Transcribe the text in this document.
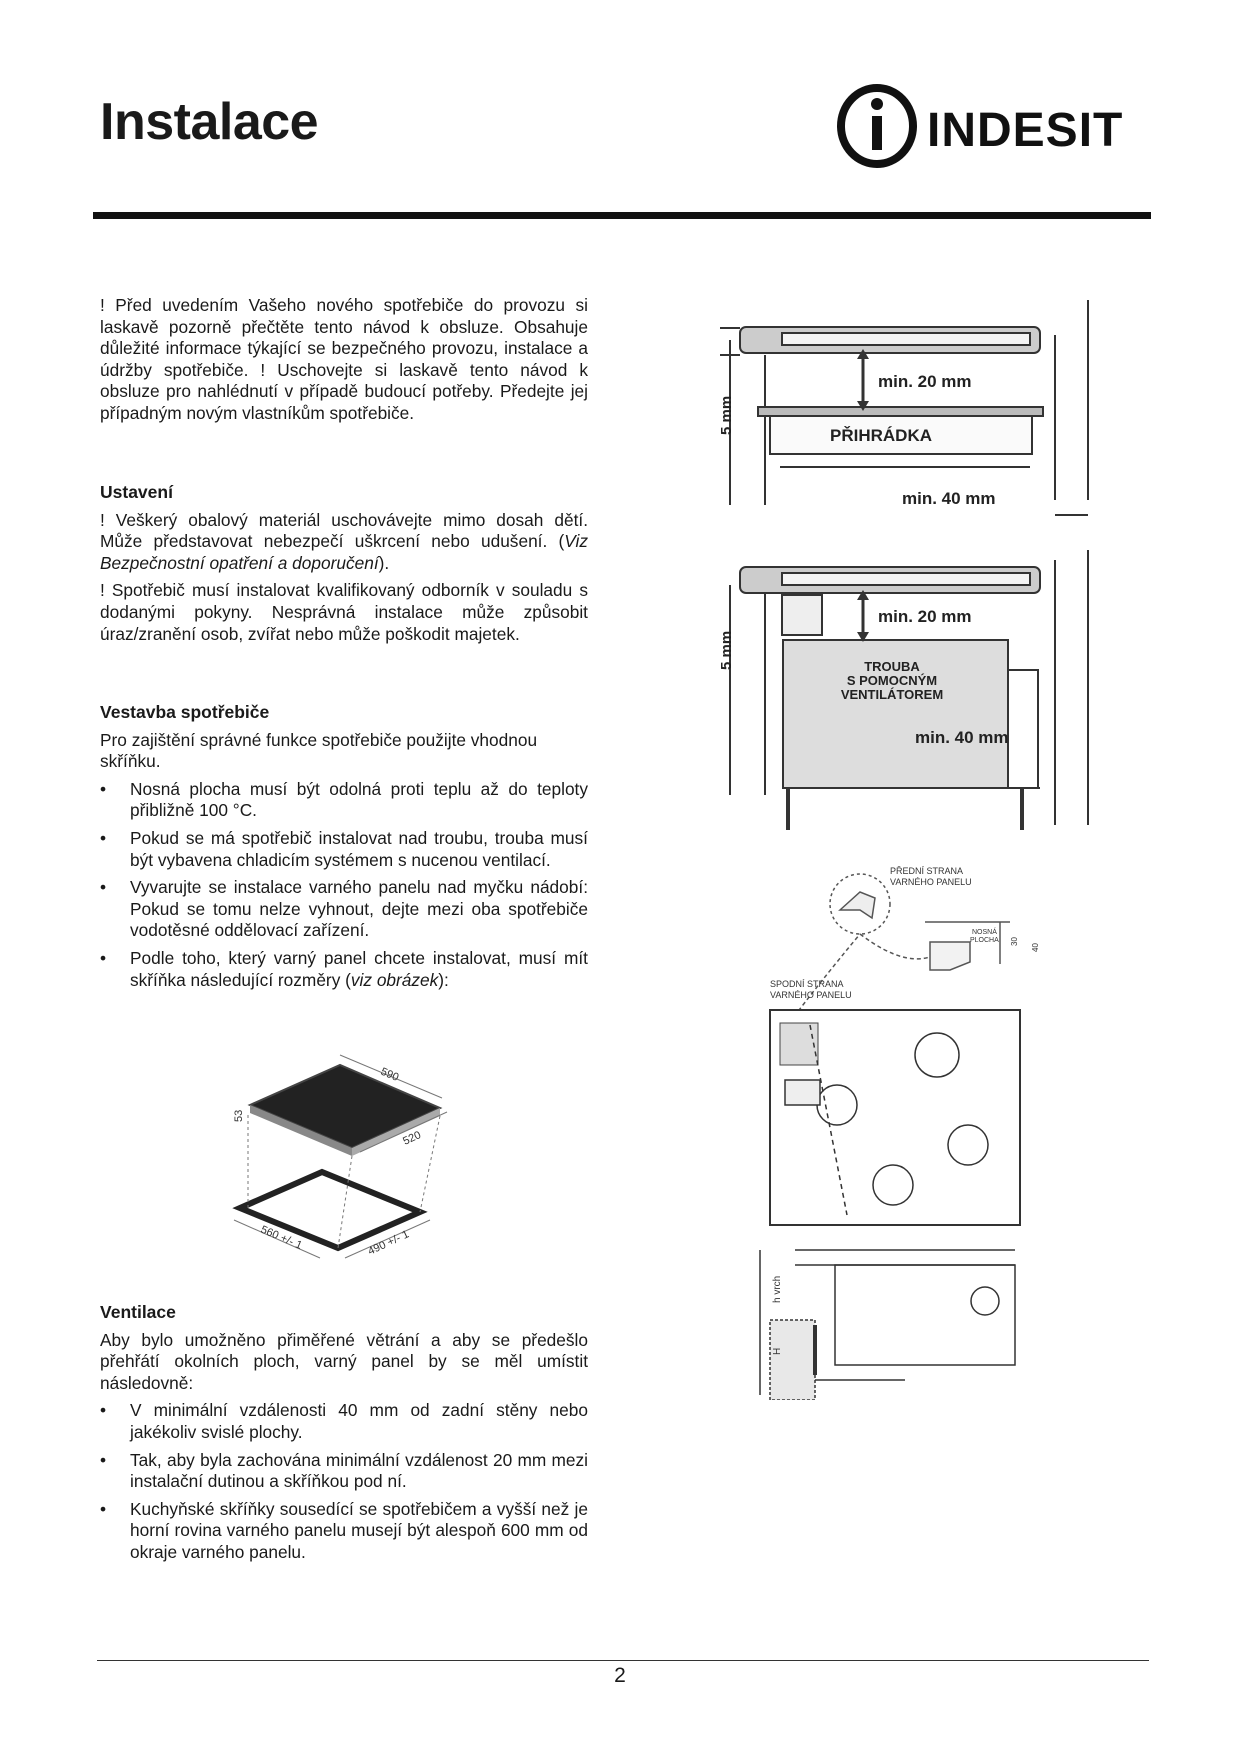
Instalace	INDESIT

! Před uvedením Vašeho nového spotřebiče do provozu si laskavě pozorně přečtěte tento návod k obsluze. Obsahuje důležité informace týkající se bezpečného provozu, instalace a údržby spotřebiče. ! Uschovejte si laskavě tento návod k obsluze pro nahlédnutí v případě budoucí potřeby. Předejte jej případným novým vlastníkům spotřebiče.

Ustavení

! Veškerý obalový materiál uschovávejte mimo dosah dětí. Může představovat nebezpečí uškrcení nebo udušení. (Viz Bezpečnostní opatření a doporučení).

! Spotřebič musí instalovat kvalifikovaný odborník v souladu s dodanými pokyny. Nesprávná instalace může způsobit úraz/zranění osob, zvířat nebo může poškodit majetek.

Vestavba spotřebiče

Pro zajištění správné funkce spotřebiče použijte vhodnou skříňku.

• Nosná plocha musí být odolná proti teplu až do teploty přibližně 100 °C.
• Pokud se má spotřebič instalovat nad troubu, trouba musí být vybavena chladicím systémem s nucenou ventilací.
• Vyvarujte se instalace varného panelu nad myčku nádobí: Pokud se tomu nelze vyhnout, dejte mezi oba spotřebiče vodotěsné oddělovací zařízení.
• Podle toho, který varný panel chcete instalovat, musí mít skříňka následující rozměry (viz obrázek):

Ventilace

Aby bylo umožněno přiměřené větrání a aby se předešlo přehřátí okolních ploch, varný panel by se měl umístit následovně:

• V minimální vzdálenosti 40 mm od zadní stěny nebo jakékoliv svislé plochy.
• Tak, aby byla zachována minimální vzdálenost 20 mm mezi instalační dutinou a skříňkou pod ní.
• Kuchyňské skříňky sousedící se spotřebičem a vyšší než je horní rovina varného panelu musejí být alespoň 600 mm od okraje varného panelu.
min. 20 mm
PŘIHRÁDKA
min. 40 mm
5 mm
min. 20 mm
TROUBA
S POMOCNÝM
VENTILÁTOREM
min. 40 mm
5 mm
590
520
53
560 +/- 1	490 +/- 1
PŘEDNÍ STRANA
VARNÉHO PANELU
SPODNÍ STRANA
VARNÉHO PANELU
NOSNÁ
PLOCHA 30
40
h vrch
H
2
